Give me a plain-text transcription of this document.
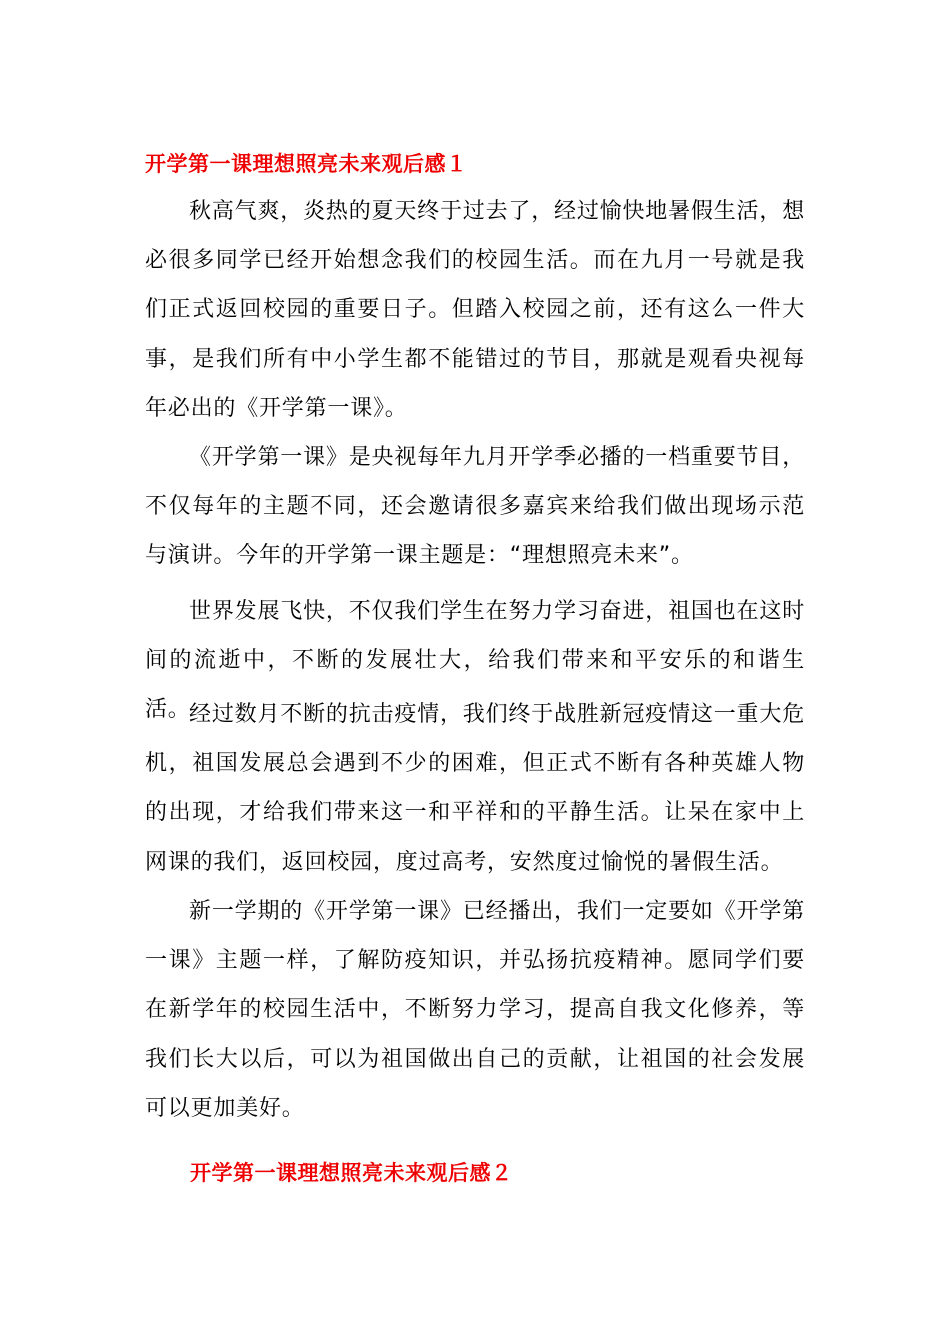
开学第一课理想照亮未来观后感１

秋高气爽，炎热的夏天终于过去了，经过愉快地暑假生活，想必很多同学已经开始想念我们的校园生活。而在九月一号就是我们正式返回校园的重要日子。但踏入校园之前，还有这么一件大事，是我们所有中小学生都不能错过的节目，那就是观看央视每年必出的《开学第一课》。

《开学第一课》是央视每年九月开学季必播的一档重要节目，不仅每年的主题不同，还会邀请很多嘉宾来给我们做出现场示范与演讲。今年的开学第一课主题是：“理想照亮未来”。

世界发展飞快，不仅我们学生在努力学习奋进，祖国也在这时间的流逝中，不断的发展壮大，给我们带来和平安乐的和谐生活。

经过数月不断的抗击疫情，我们终于战胜新冠疫情这一重大危机，祖国发展总会遇到不少的困难，但正式不断有各种英雄人物的出现，才给我们带来这一和平祥和的平静生活。让呆在家中上网课的我们，返回校园，度过高考，安然度过愉悦的暑假生活。

新一学期的《开学第一课》已经播出，我们一定要如《开学第一课》主题一样，了解防疫知识，并弘扬抗疫精神。愿同学们要在新学年的校园生活中，不断努力学习，提高自我文化修养，等我们长大以后，可以为祖国做出自己的贡献，让祖国的社会发展可以更加美好。

开学第一课理想照亮未来观后感２
